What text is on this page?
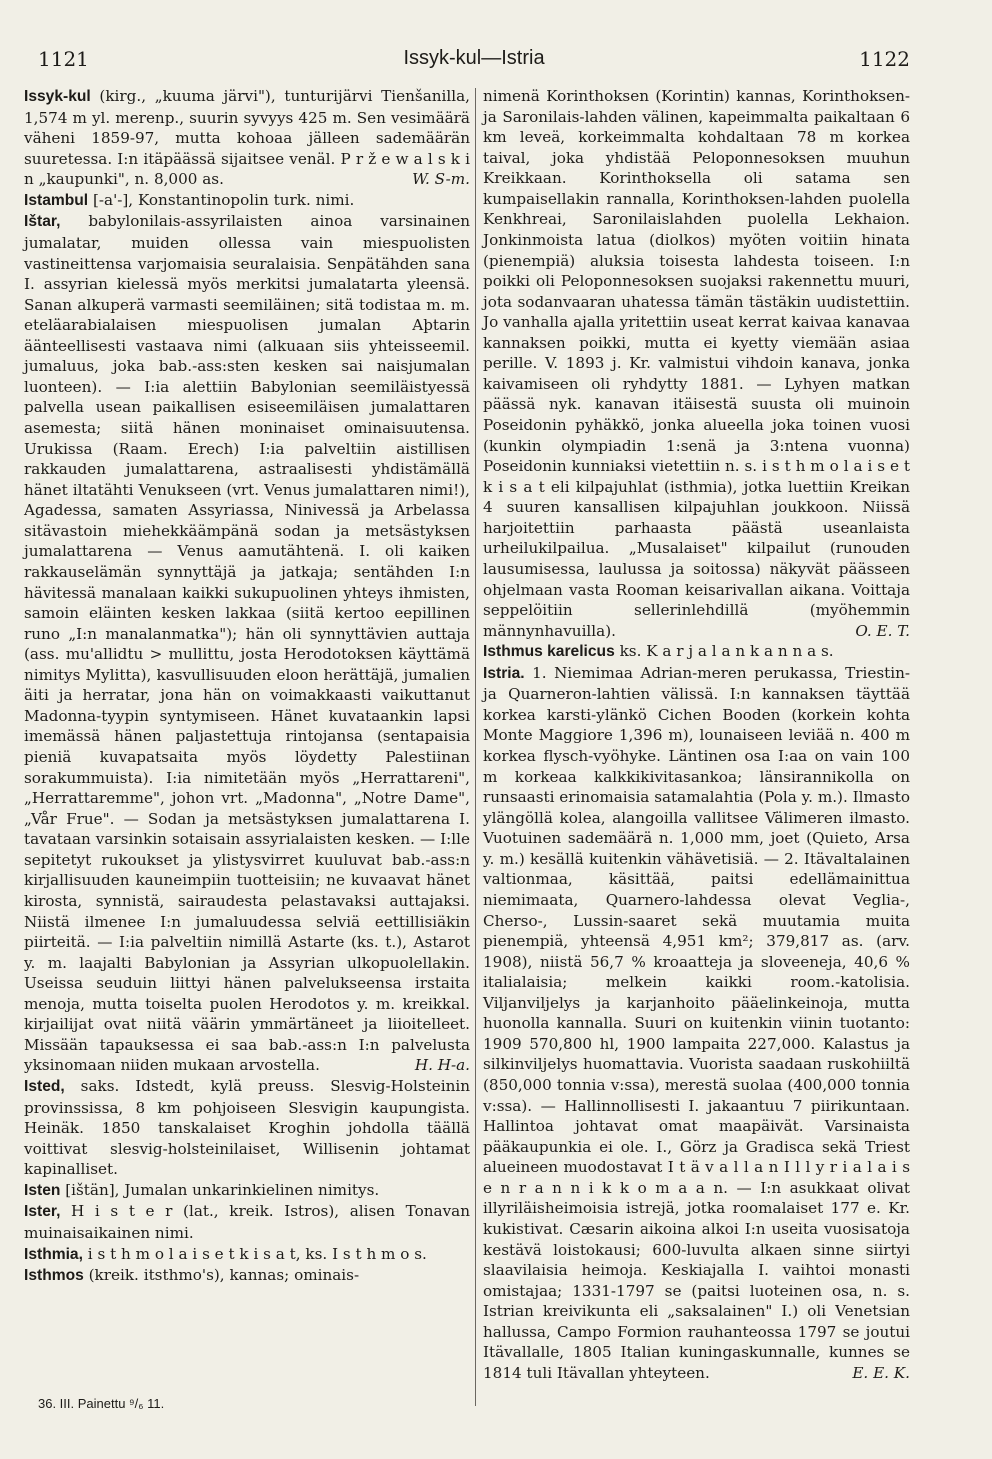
1121	Issyk-kul—Istria	1122

Issyk-kul (kirg., „kuuma järvi"), tunturijärvi Tienšanilla, 1,574 m yl. merenp., suurin syvyys 425 m. Sen vesimäärä väheni 1859-97, mutta kohoaa jälleen sademäärän suuretessa. I:n itäpäässä sijaitsee venäl. P r ž e w a l s k i n „kaupunki", n. 8,000 as.	W. S-m.

Istambul [-a'-], Konstantinopolin turk. nimi.

Ištar, babylonilais-assyrilaisten ainoa varsinainen jumalatar, muiden ollessa vain miespuolisten vastineittensa varjomaisia seuralaisia. Senpätähden sana I. assyrian kielessä myös merkitsi jumalatarta yleensä. Sanan alkuperä varmasti seemiläinen; sitä todistaa m. m. eteläarabialaisen miespuolisen jumalan Aþtarin äänteellisesti vastaava nimi (alkuaan siis yhteisseemil. jumaluus, joka bab.-ass:sten kesken sai naisjumalan luonteen). — I:ia alettiin Babylonian seemiläistyessä palvella usean paikallisen esiseemiläisen jumalattaren asemesta; siitä hänen moninaiset ominaisuutensa. Urukissa (Raam. Erech) I:ia palveltiin aistillisen rakkauden jumalattarena, astraalisesti yhdistämällä hänet iltatähti Venukseen (vrt. Venus jumalattaren nimi!), Agadessa, samaten Assyriassa, Ninivessä ja Arbelassa sitävastoin miehekkäämpänä sodan ja metsästyksen jumalattarena — Venus aamutähtenä. I. oli kaiken rakkauselämän synnyttäjä ja jatkaja; sentähden I:n hävitessä manalaan kaikki sukupuolinen yhteys ihmisten, samoin eläinten kesken lakkaa (siitä kertoo eepillinen runo „I:n manalanmatka"); hän oli synnyttävien auttaja (ass. mu'allidtu > mullittu, josta Herodotoksen käyttämä nimitys Mylitta), kasvullisuuden eloon herättäjä, jumalien äiti ja herratar, jona hän on voimakkaasti vaikuttanut Madonna-tyypin syntymiseen. Hänet kuvataankin lapsi imemässä hänen paljastettuja rintojansa (sentapaisia pieniä kuvapatsaita myös löydetty Palestiinan sorakummuista). I:ia nimitetään myös „Herrattareni", „Herrattaremme", johon vrt. „Madonna", „Notre Dame", „Vår Frue". — Sodan ja metsästyksen jumalattarena I. tavataan varsinkin sotaisain assyrialaisten kesken. — I:lle sepitetyt rukoukset ja ylistysvirret kuuluvat bab.-ass:n kirjallisuuden kauneimpiin tuotteisiin; ne kuvaavat hänet kirosta, synnistä, sairaudesta pelastavaksi auttajaksi. Niistä ilmenee I:n jumaluudessa selviä eettillisiäkin piirteitä. — I:ia palveltiin nimillä Astarte (ks. t.), Astarot y. m. laajalti Babylonian ja Assyrian ulkopuolellakin. Useissa seuduin liittyi hänen palvelukseensa irstaita menoja, mutta toiselta puolen Herodotos y. m. kreikkal. kirjailijat ovat niitä väärin ymmärtäneet ja liioitelleet. Missään tapauksessa ei saa bab.-ass:n I:n palvelusta yksinomaan niiden mukaan arvostella.	H. H-a.

Isted, saks. Idstedt, kylä preuss. Slesvig-Holsteinin provinssissa, 8 km pohjoiseen Slesvigin kaupungista. Heinäk. 1850 tanskalaiset Kroghin johdolla täällä voittivat slesvig-holsteinilaiset, Willisenin johtamat kapinalliset.

Isten [ištän], Jumalan unkarinkielinen nimitys.

Ister, H i s t e r (lat., kreik. Istros), alisen Tonavan muinaisaikainen nimi.

Isthmia, i s t h m o l a i s e t k i s a t, ks. I s t h m o s.

Isthmos (kreik. itsthmo's), kannas; ominais-

nimenä Korinthoksen (Korintin) kannas, Korinthoksen- ja Saronilais-lahden välinen, kapeimmalta paikaltaan 6 km leveä, korkeimmalta kohdaltaan 78 m korkea taival, joka yhdistää Peloponnesoksen muuhun Kreikkaan. Korinthoksella oli satama sen kumpaisellakin rannalla, Korinthoksen-lahden puolella Kenkhreai, Saronilaislahden puolella Lekhaion. Jonkinmoista latua (diolkos) myöten voitiin hinata (pienempiä) aluksia toisesta lahdesta toiseen. I:n poikki oli Peloponnesoksen suojaksi rakennettu muuri, jota sodanvaaran uhatessa tämän tästäkin uudistettiin. Jo vanhalla ajalla yritettiin useat kerrat kaivaa kanavaa kannaksen poikki, mutta ei kyetty viemään asiaa perille. V. 1893 j. Kr. valmistui vihdoin kanava, jonka kaivamiseen oli ryhdytty 1881. — Lyhyen matkan päässä nyk. kanavan itäisestä suusta oli muinoin Poseidonin pyhäkkö, jonka alueella joka toinen vuosi (kunkin olympiadin 1:senä ja 3:ntena vuonna) Poseidonin kunniaksi vietettiin n. s. i s t h m o l a i s e t k i s a t eli kilpajuhlat (isthmia), jotka luettiin Kreikan 4 suuren kansallisen kilpajuhlan joukkoon. Niissä harjoitettiin parhaasta päästä useanlaista urheilukilpailua. „Musalaiset" kilpailut (runouden lausumisessa, laulussa ja soitossa) näkyvät päässeen ohjelmaan vasta Rooman keisarivallan aikana. Voittaja seppelöitiin sellerinlehdillä (myöhemmin männynhavuilla).	O. E. T.

Isthmus karelicus ks. K a r j a l a n k a n n a s.

Istria. 1. Niemimaa Adrian-meren perukassa, Triestin- ja Quarneron-lahtien välissä. I:n kannaksen täyttää korkea karsti-ylänkö Cichen Booden (korkein kohta Monte Maggiore 1,396 m), lounaiseen leviää n. 400 m korkea flysch-vyöhyke. Läntinen osa I:aa on vain 100 m korkeaa kalkkikivitasankoa; länsirannikolla on runsaasti erinomaisia satamalahtia (Pola y. m.). Ilmasto ylängöllä kolea, alangoilla vallitsee Välimeren ilmasto. Vuotuinen sademäärä n. 1,000 mm, joet (Quieto, Arsa y. m.) kesällä kuitenkin vähävetisiä. — 2. Itävaltalainen valtionmaa, käsittää, paitsi edellämainittua niemimaata, Quarnero-lahdessa olevat Veglia-, Cherso-, Lussin-saaret sekä muutamia muita pienempiä, yhteensä 4,951 km²; 379,817 as. (arv. 1908), niistä 56,7 % kroaatteja ja sloveeneja, 40,6 % italialaisia; melkein kaikki room.-katolisia. Viljanviljelys ja karjanhoito pääelinkeinoja, mutta huonolla kannalla. Suuri on kuitenkin viinin tuotanto: 1909 570,800 hl, 1900 lampaita 227,000. Kalastus ja silkinviljelys huomattavia. Vuorista saadaan ruskohiiltä (850,000 tonnia v:ssa), merestä suolaa (400,000 tonnia v:ssa). — Hallinnollisesti I. jakaantuu 7 piirikuntaan. Hallintoa johtavat omat maapäivät. Varsinaista pääkaupunkia ei ole. I., Görz ja Gradisca sekä Triest alueineen muodostavat I t ä v a l l a n I l l y r i a l a i s e n r a n n i k k o m a a n. — I:n asukkaat olivat illyriläisheimoisia istrejä, jotka roomalaiset 177 e. Kr. kukistivat. Cæsarin aikoina alkoi I:n useita vuosisatoja kestävä loistokausi; 600-luvulta alkaen sinne siirtyi slaavilaisia heimoja. Keskiajalla I. vaihtoi monasti omistajaa; 1331-1797 se (paitsi luoteinen osa, n. s. Istrian kreivikunta eli „saksalainen" I.) oli Venetsian hallussa, Campo Formion rauhanteossa 1797 se joutui Itävallalle, 1805 Italian kuningaskunnalle, kunnes se 1814 tuli Itävallan yhteyteen.	E. E. K.

36. III. Painettu ⁹/₆ 11.
